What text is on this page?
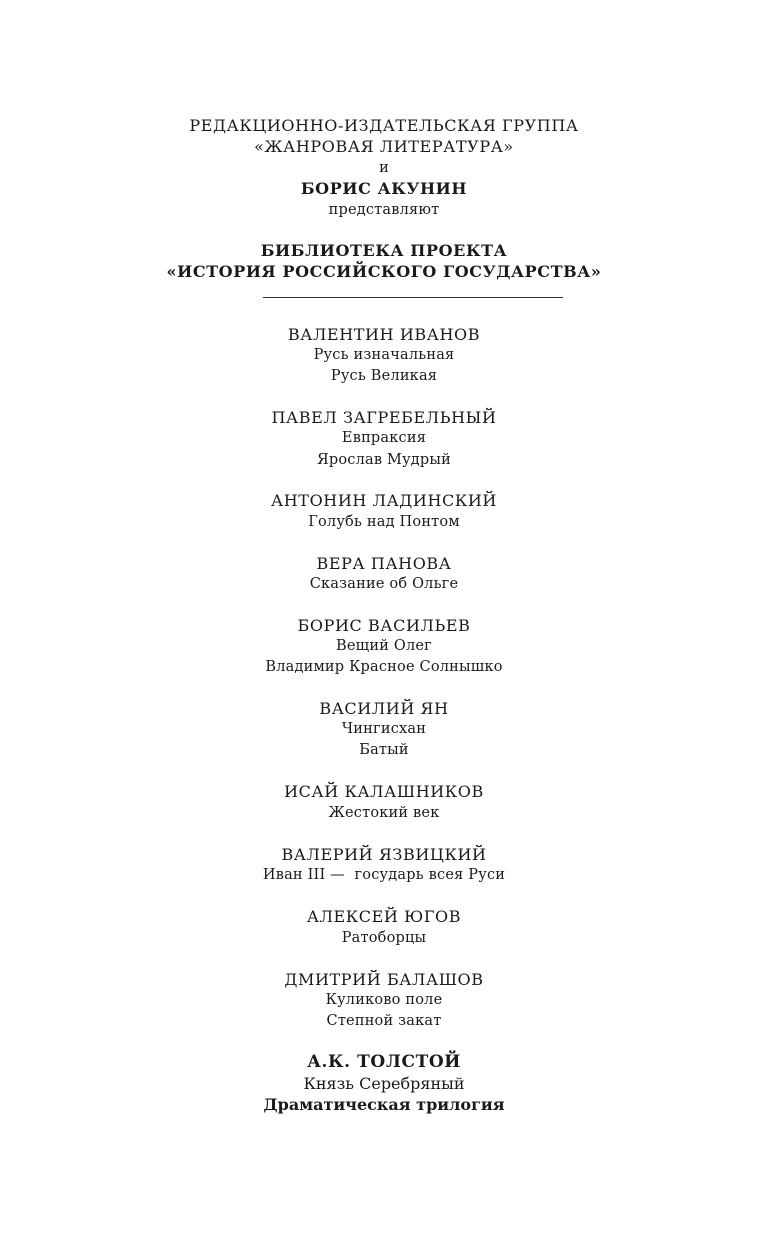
РЕДАКЦИОННО-ИЗДАТЕЛЬСКАЯ ГРУППА
«ЖАНРОВАЯ ЛИТЕРАТУРА»
и
БОРИС АКУНИН
представляют
БИБЛИОТЕКА ПРОЕКТА
«ИСТОРИЯ РОССИЙСКОГО ГОСУДАРСТВА»
ВАЛЕНТИН ИВАНОВ
Русь изначальная
Русь Великая
ПАВЕЛ ЗАГРЕБЕЛЬНЫЙ
Евпраксия
Ярослав Мудрый
АНТОНИН ЛАДИНСКИЙ
Голубь над Понтом
ВЕРА ПАНОВА
Сказание об Ольге
БОРИС ВАСИЛЬЕВ
Вещий Олег
Владимир Красное Солнышко
ВАСИЛИЙ ЯН
Чингисхан
Батый
ИСАЙ КАЛАШНИКОВ
Жестокий век
ВАЛЕРИЙ ЯЗВИЦКИЙ
Иван III —  государь всея Руси
АЛЕКСЕЙ ЮГОВ
Ратоборцы
ДМИТРИЙ БАЛАШОВ
Куликово поле
Степной закат
А.К. ТОЛСТОЙ
Князь Серебряный
Драматическая трилогия
